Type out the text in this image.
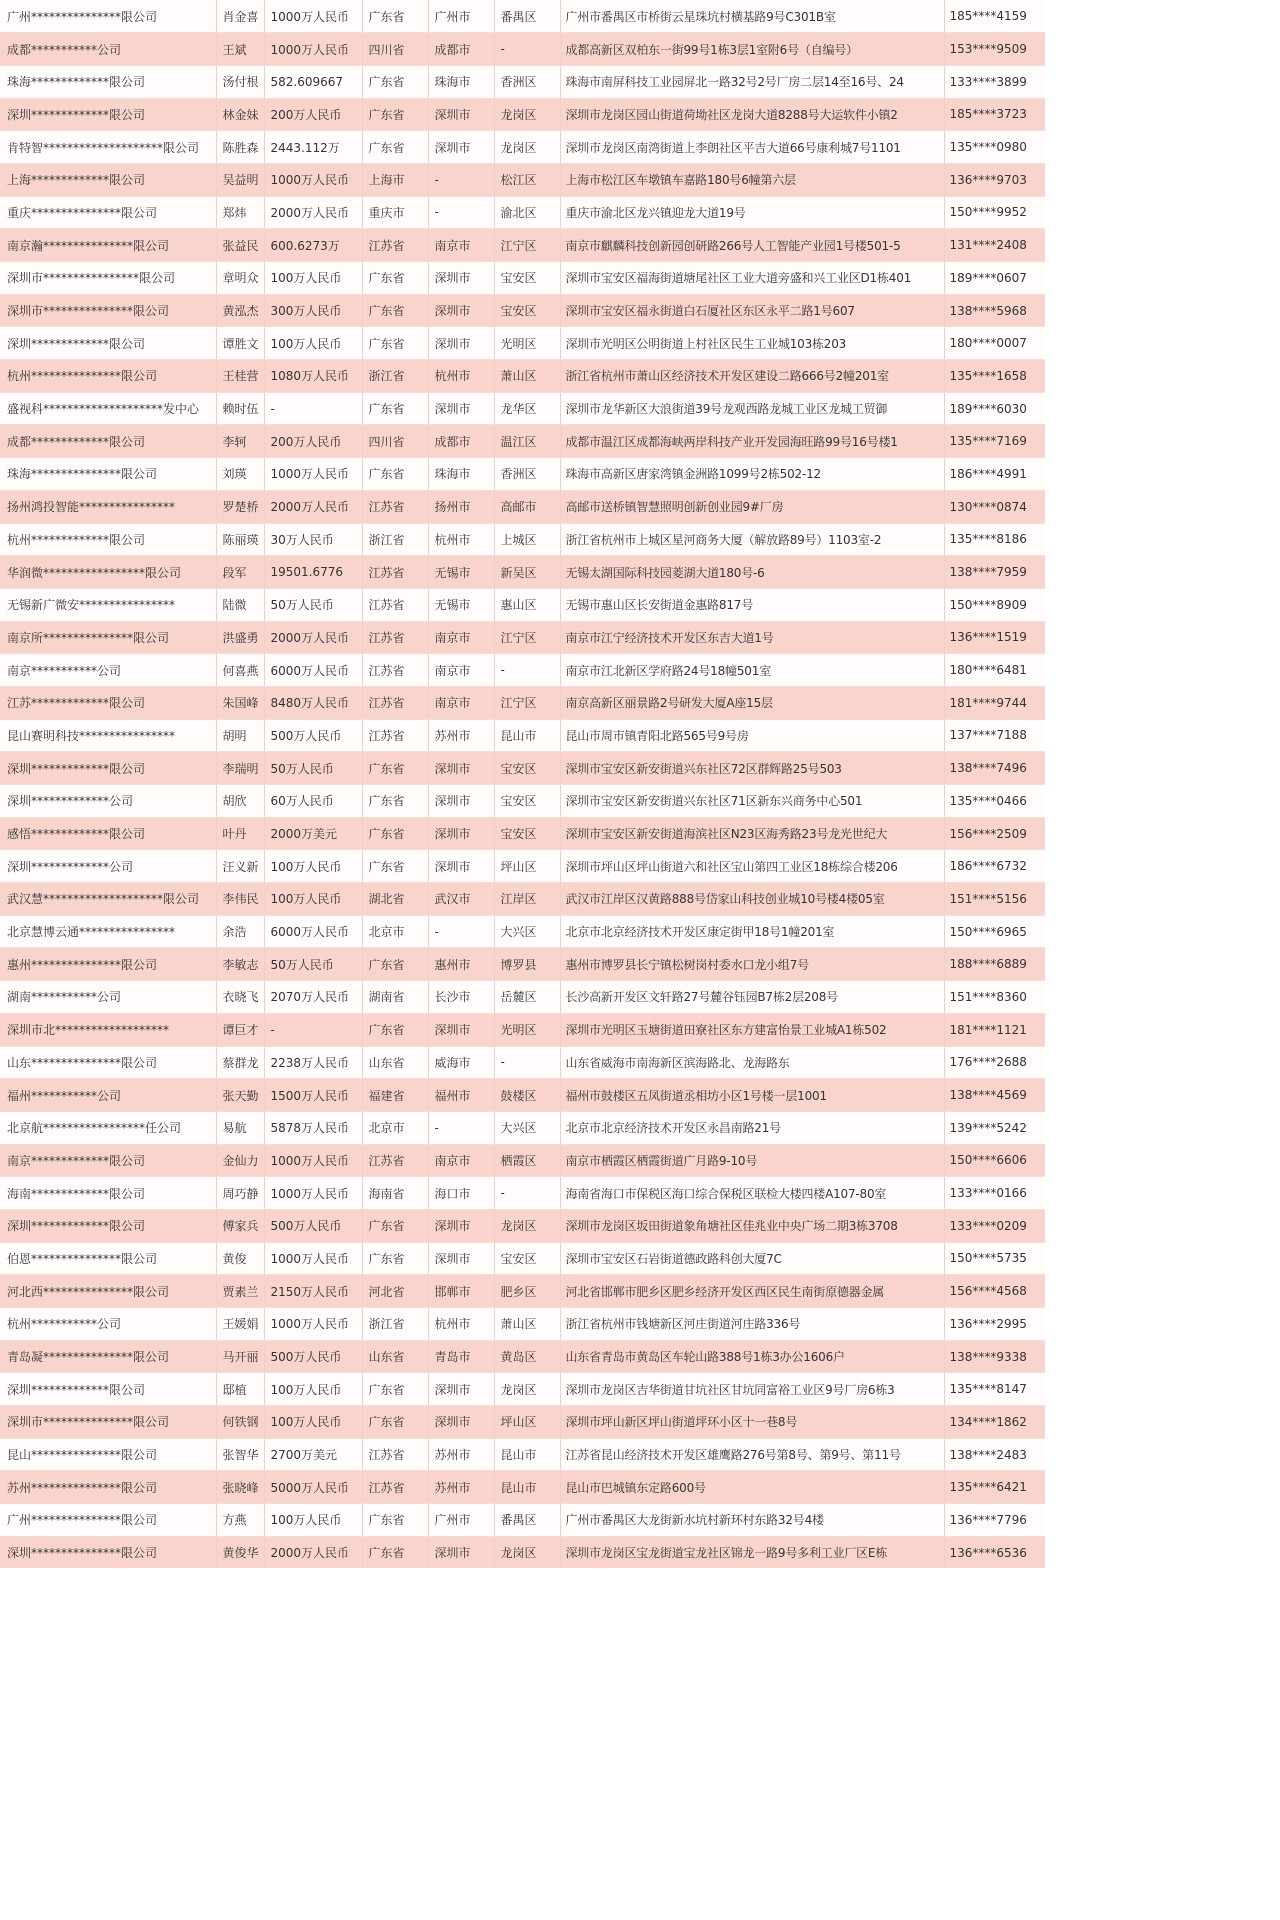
广州***************限公司	肖金喜	1000万人民币	广东省	广州市	番禺区	广州市番禺区市桥街云星珠坑村横基路9号C301B室	185****4159
成都***********公司	王斌	1000万人民币	四川省	成都市	-	成都高新区双柏东一街99号1栋3层1室附6号（自编号）	153****9509
珠海*************限公司	汤付根	582.609667	广东省	珠海市	香洲区	珠海市南屏科技工业园屏北一路32号2号厂房二层14至16号、24	133****3899
深圳*************限公司	林金妹	200万人民币	广东省	深圳市	龙岗区	深圳市龙岗区园山街道荷坳社区龙岗大道8288号大运软件小镇2	185****3723
肯特智********************限公司	陈胜森	2443.112万	广东省	深圳市	龙岗区	深圳市龙岗区南湾街道上李朗社区平吉大道66号康利城7号1101	135****0980
上海*************限公司	吴益明	1000万人民币	上海市	-	松江区	上海市松江区车墩镇车嘉路180号6幢第六层	136****9703
重庆***************限公司	郑炜	2000万人民币	重庆市	-	渝北区	重庆市渝北区龙兴镇迎龙大道19号	150****9952
南京瀚***************限公司	张益民	600.6273万	江苏省	南京市	江宁区	南京市麒麟科技创新园创研路266号人工智能产业园1号楼501-5	131****2408
深圳市****************限公司	章明众	100万人民币	广东省	深圳市	宝安区	深圳市宝安区福海街道塘尾社区工业大道旁盛和兴工业区D1栋401	189****0607
深圳市***************限公司	黄泓杰	300万人民币	广东省	深圳市	宝安区	深圳市宝安区福永街道白石厦社区东区永平二路1号607	138****5968
深圳*************限公司	谭胜文	100万人民币	广东省	深圳市	光明区	深圳市光明区公明街道上村社区民生工业城103栋203	180****0007
杭州***************限公司	王桂营	1080万人民币	浙江省	杭州市	萧山区	浙江省杭州市萧山区经济技术开发区建设二路666号2幢201室	135****1658
盛视科********************发中心	赖时伍	-	广东省	深圳市	龙华区	深圳市龙华新区大浪街道39号龙观西路龙城工业区龙城工贸御	189****6030
成都*************限公司	李轲	200万人民币	四川省	成都市	温江区	成都市温江区成都海峡两岸科技产业开发园海旺路99号16号楼1	135****7169
珠海***************限公司	刘瑛	1000万人民币	广东省	珠海市	香洲区	珠海市高新区唐家湾镇金洲路1099号2栋502-12	186****4991
扬州鸿投智能****************	罗楚桥	2000万人民币	江苏省	扬州市	高邮市	高邮市送桥镇智慧照明创新创业园9#厂房	130****0874
杭州*************限公司	陈丽瑛	30万人民币	浙江省	杭州市	上城区	浙江省杭州市上城区星河商务大厦（解放路89号）1103室-2	135****8186
华润微*****************限公司	段军	19501.6776	江苏省	无锡市	新吴区	无锡太湖国际科技园菱湖大道180号-6	138****7959
无锡新广微安****************	陆微	50万人民币	江苏省	无锡市	惠山区	无锡市惠山区长安街道金惠路817号	150****8909
南京所***************限公司	洪盛勇	2000万人民币	江苏省	南京市	江宁区	南京市江宁经济技术开发区东吉大道1号	136****1519
南京***********公司	何喜燕	6000万人民币	江苏省	南京市	-	南京市江北新区学府路24号18幢501室	180****6481
江苏*************限公司	朱国峰	8480万人民币	江苏省	南京市	江宁区	南京高新区丽景路2号研发大厦A座15层	181****9744
昆山赛明科技****************	胡明	500万人民币	江苏省	苏州市	昆山市	昆山市周市镇青阳北路565号9号房	137****7188
深圳*************限公司	李瑞明	50万人民币	广东省	深圳市	宝安区	深圳市宝安区新安街道兴东社区72区群辉路25号503	138****7496
深圳*************公司	胡欣	60万人民币	广东省	深圳市	宝安区	深圳市宝安区新安街道兴东社区71区新东兴商务中心501	135****0466
感悟*************限公司	叶丹	2000万美元	广东省	深圳市	宝安区	深圳市宝安区新安街道海滨社区N23区海秀路23号龙光世纪大	156****2509
深圳*************公司	汪义新	100万人民币	广东省	深圳市	坪山区	深圳市坪山区坪山街道六和社区宝山第四工业区18栋综合楼206	186****6732
武汉慧********************限公司	李伟民	100万人民币	湖北省	武汉市	江岸区	武汉市江岸区汉黄路888号岱家山科技创业城10号楼4楼05室	151****5156
北京慧博云通****************	余浩	6000万人民币	北京市	-	大兴区	北京市北京经济技术开发区康定街甲18号1幢201室	150****6965
惠州***************限公司	李敏志	50万人民币	广东省	惠州市	博罗县	惠州市博罗县长宁镇松树岗村委水口龙小组7号	188****6889
湖南***********公司	衣晓飞	2070万人民币	湖南省	长沙市	岳麓区	长沙高新开发区文轩路27号麓谷钰园B7栋2层208号	151****8360
深圳市北*******************	谭巨才	-	广东省	深圳市	光明区	深圳市光明区玉塘街道田寮社区东方建富怡景工业城A1栋502	181****1121
山东***************限公司	蔡群龙	2238万人民币	山东省	威海市	-	山东省威海市南海新区滨海路北、龙海路东	176****2688
福州***********公司	张天勤	1500万人民币	福建省	福州市	鼓楼区	福州市鼓楼区五凤街道丞相坊小区1号楼一层1001	138****4569
北京航*****************任公司	易航	5878万人民币	北京市	-	大兴区	北京市北京经济技术开发区永昌南路21号	139****5242
南京*************限公司	金仙力	1000万人民币	江苏省	南京市	栖霞区	南京市栖霞区栖霞街道广月路9-10号	150****6606
海南*************限公司	周巧静	1000万人民币	海南省	海口市	-	海南省海口市保税区海口综合保税区联检大楼四楼A107-80室	133****0166
深圳*************限公司	傅家兵	500万人民币	广东省	深圳市	龙岗区	深圳市龙岗区坂田街道象角塘社区佳兆业中央广场二期3栋3708	133****0209
伯恩***************限公司	黄俊	1000万人民币	广东省	深圳市	宝安区	深圳市宝安区石岩街道德政路科创大厦7C	150****5735
河北西***************限公司	贾素兰	2150万人民币	河北省	邯郸市	肥乡区	河北省邯郸市肥乡区肥乡经济开发区西区民生南街原德器金属	156****4568
杭州***********公司	王媛娟	1000万人民币	浙江省	杭州市	萧山区	浙江省杭州市钱塘新区河庄街道河庄路336号	136****2995
青岛凝***************限公司	马开丽	500万人民币	山东省	青岛市	黄岛区	山东省青岛市黄岛区车轮山路388号1栋3办公1606户	138****9338
深圳*************限公司	邸植	100万人民币	广东省	深圳市	龙岗区	深圳市龙岗区吉华街道甘坑社区甘坑同富裕工业区9号厂房6栋3	135****8147
深圳市***************限公司	何铁钢	100万人民币	广东省	深圳市	坪山区	深圳市坪山新区坪山街道坪环小区十一巷8号	134****1862
昆山***************限公司	张智华	2700万美元	江苏省	苏州市	昆山市	江苏省昆山经济技术开发区雄鹰路276号第8号、第9号、第11号	138****2483
苏州***************限公司	张晓峰	5000万人民币	江苏省	苏州市	昆山市	昆山市巴城镇东定路600号	135****6421
广州***************限公司	方燕	100万人民币	广东省	广州市	番禺区	广州市番禺区大龙街新水坑村新环村东路32号4楼	136****7796
深圳***************限公司	黄俊华	2000万人民币	广东省	深圳市	龙岗区	深圳市龙岗区宝龙街道宝龙社区锦龙一路9号多利工业厂区E栋	136****6536
